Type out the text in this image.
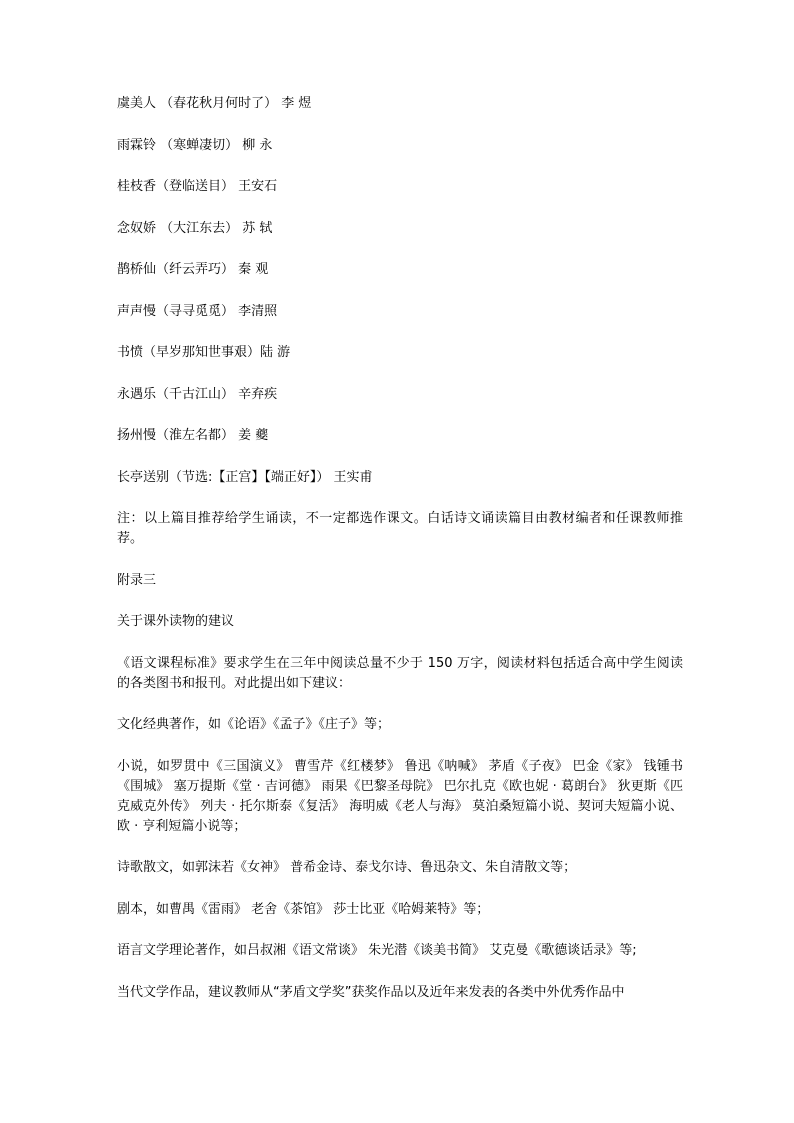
虞美人 （春花秋月何时了） 李 煜
雨霖铃 （寒蝉凄切） 柳 永
桂枝香（登临送目） 王安石
念奴娇 （大江东去） 苏 轼
鹊桥仙（纤云弄巧） 秦 观
声声慢（寻寻觅觅） 李清照
书愤（早岁那知世事艰）陆 游
永遇乐（千古江山） 辛弃疾
扬州慢（淮左名都） 姜 夔
长亭送别（节选:【正宫】【端正好】） 王实甫
注：以上篇目推荐给学生诵读，不一定都选作课文。白话诗文诵读篇目由教材编者和任课教师推荐。
附录三
关于课外读物的建议
《语文课程标准》要求学生在三年中阅读总量不少于 150 万字，阅读材料包括适合高中学生阅读的各类图书和报刊。对此提出如下建议：
文化经典著作，如《论语》《孟子》《庄子》等；
小说，如罗贯中《三国演义》 曹雪芹《红楼梦》 鲁迅《呐喊》 茅盾《子夜》 巴金《家》 钱锺书《围城》 塞万提斯《堂 · 吉诃德》 雨果《巴黎圣母院》 巴尔扎克《欧也妮 · 葛朗台》 狄更斯《匹克威克外传》 列夫 · 托尔斯泰《复活》 海明威《老人与海》 莫泊桑短篇小说、契诃夫短篇小说、欧 · 亨利短篇小说等；
诗歌散文，如郭沫若《女神》 普希金诗、泰戈尔诗、鲁迅杂文、朱自清散文等；
剧本，如曹禺《雷雨》 老舍《茶馆》 莎士比亚《哈姆莱特》等；
语言文学理论著作，如吕叔湘《语文常谈》 朱光潜《谈美书简》 艾克曼《歌德谈话录》等;
当代文学作品，建议教师从“茅盾文学奖”获奖作品以及近年来发表的各类中外优秀作品中
